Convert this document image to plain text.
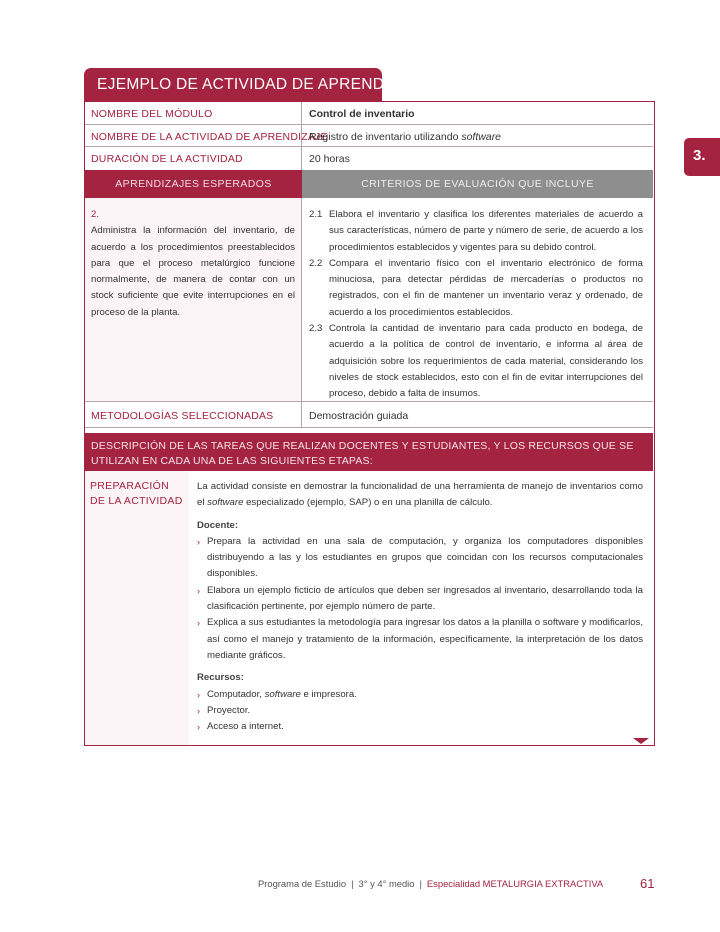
EJEMPLO DE ACTIVIDAD DE APRENDIZAJE
3.
NOMBRE DEL MÓDULO	Control de inventario
NOMBRE DE LA ACTIVIDAD DE APRENDIZAJE
Registro de inventario utilizando software
DURACIÓN DE LA ACTIVIDAD	20 horas
APRENDIZAJES ESPERADOS	CRITERIOS DE EVALUACIÓN QUE INCLUYE
2.
Administra la información del inventario, de acuerdo a los procedimientos preestablecidos para que el proceso metalúrgico funcione normalmente, de manera de contar con un stock suficiente que evite interrupciones en el proceso de la planta.
2.1 Elabora el inventario y clasifica los diferentes materiales de acuerdo a sus características, número de parte y número de serie, de acuerdo a los procedimientos establecidos y vigentes para su debido control.
2.2 Compara el inventario físico con el inventario electrónico de forma minuciosa, para detectar pérdidas de mercaderías o productos no registrados, con el fin de mantener un inventario veraz y ordenado, de acuerdo a los procedimientos establecidos.
2.3 Controla la cantidad de inventario para cada producto en bodega, de acuerdo a la política de control de inventario, e informa al área de adquisición sobre los requerimientos de cada material, considerando los niveles de stock establecidos, esto con el fin de evitar interrupciones del proceso, debido a falta de insumos.
METODOLOGÍAS SELECCIONADAS	Demostración guiada
DESCRIPCIÓN DE LAS TAREAS QUE REALIZAN DOCENTES Y ESTUDIANTES, Y LOS RECURSOS QUE SE UTILIZAN EN CADA UNA DE LAS SIGUIENTES ETAPAS:
PREPARACIÓN DE LA ACTIVIDAD

La actividad consiste en demostrar la funcionalidad de una herramienta de manejo de inventarios como el software especializado (ejemplo, SAP) o en una planilla de cálculo.

Docente:
› Prepara la actividad en una sala de computación, y organiza los computadores disponibles distribuyendo a las y los estudiantes en grupos que coincidan con los recursos computacionales disponibles.
› Elabora un ejemplo ficticio de artículos que deben ser ingresados al inventario, desarrollando toda la clasificación pertinente, por ejemplo número de parte.
› Explica a sus estudiantes la metodología para ingresar los datos a la planilla o software y modificarlos, así como el manejo y tratamiento de la información, específicamente, la interpretación de los datos mediante gráficos.
Recursos:
› Computador, software e impresora.
› Proyector.
› Acceso a internet.
Programa de Estudio | 3° y 4° medio | Especialidad METALURGIA EXTRACTIVA	61
